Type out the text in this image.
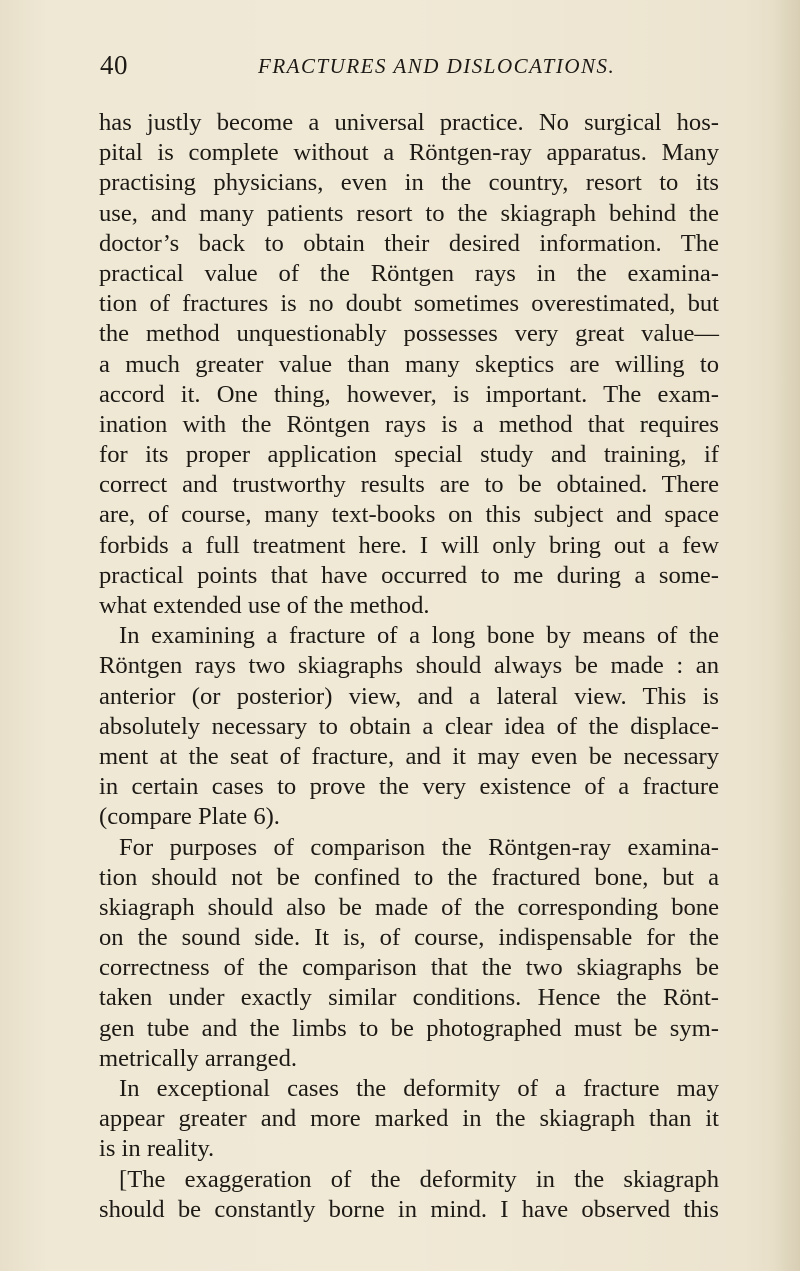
40	FRACTURES AND DISLOCATIONS.
has justly become a universal practice. No surgical hos-
pital is complete without a Röntgen-ray apparatus. Many
practising physicians, even in the country, resort to its
use, and many patients resort to the skiagraph behind the
doctor’s back to obtain their desired information. The
practical value of the Röntgen rays in the examina-
tion of fractures is no doubt sometimes overestimated, but
the method unquestionably possesses very great value—
a much greater value than many skeptics are willing to
accord it. One thing, however, is important. The exam-
ination with the Röntgen rays is a method that requires
for its proper application special study and training, if
correct and trustworthy results are to be obtained. There
are, of course, many text-books on this subject and space
forbids a full treatment here. I will only bring out a few
practical points that have occurred to me during a some-
what extended use of the method.
In examining a fracture of a long bone by means of the
Röntgen rays two skiagraphs should always be made : an
anterior (or posterior) view, and a lateral view. This is
absolutely necessary to obtain a clear idea of the displace-
ment at the seat of fracture, and it may even be necessary
in certain cases to prove the very existence of a fracture
(compare Plate 6).
For purposes of comparison the Röntgen-ray examina-
tion should not be confined to the fractured bone, but a
skiagraph should also be made of the corresponding bone
on the sound side. It is, of course, indispensable for the
correctness of the comparison that the two skiagraphs be
taken under exactly similar conditions. Hence the Rönt-
gen tube and the limbs to be photographed must be sym-
metrically arranged.
In exceptional cases the deformity of a fracture may
appear greater and more marked in the skiagraph than it
is in reality.
[The exaggeration of the deformity in the skiagraph
should be constantly borne in mind. I have observed this
